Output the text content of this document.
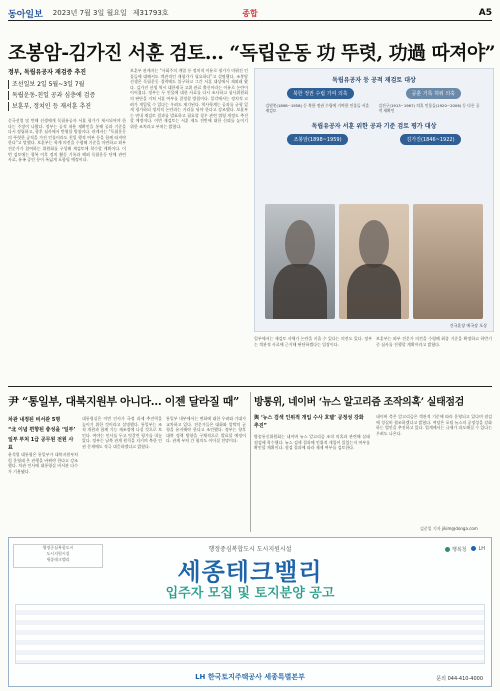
동아일보 2023년 7월 3일 월요일 제31793호	종합	A5
조봉암-김가진 서훈 검토… “독립운동 功 뚜렷, 功過 따져야”
정부, 독립유공자 재검증 추진
조선일보 2일 5월~3일 7월
독립운동-친일 공과 심층에 검증
보훈부, 정치인 등 재서훈 추진

순국선열 및 만해 선생에게 독립유공자 서훈 평가가 제시되어야 한다는 주장이 나왔다. 정부는 공적 내용 재확인을 통해 공과 기준을 다시 정립하고, 향후 심사에서 반영할 방침이다. 관계자는 “독립운동의 뚜렷한 공적을 가진 인물이라도 친일 행적 여부 등을 함께 따져야 한다”고 말했다. 보훈부는 학계 의견을 수렴해 기준을 마련하고 외부 전문가가 참여하는 위원회를 구성해 재검토에 착수할 계획이다. 이번 검토에는 광복 이후 정치 활동 기록과 해외 독립운동 단체 관련 사료, 유족 증언 등이 폭넓게 포함될 예정이다.

보훈부 관계자는 “사회주의 계열 등 정치적 이유로 평가가 미뤄진 인물들에 대해서도 객관적인 재평가가 필요하다”고 설명했다. 조봉암 선생은 독립운동 경력에도 불구하고 그간 서훈 대상에서 제외돼 왔다. 김가진 선생 역시 대한제국 고위 관료 출신이라는 이유로 논란이 이어졌다. 정부는 두 인물에 대한 사료를 다시 조사하고 심사위원회의 판단을 거쳐 서훈 여부를 결정할 방침이다. 일각에서는 정치적 고려가 개입될 수 있다는 우려도 제기된다. 역사학계는 공과를 균형 있게 평가하되 정치적 논란과는 거리를 둬야 한다고 강조했다. 보훈부는 연내 재검토 결과를 발표하고 필요할 경우 관련 법령 개정도 추진할 예정이다. 이번 재검토는 서훈 제도 전반에 대한 신뢰를 높이기 위한 조치라고 부처는 밝혔다.

독립유공자 등 공적 재검토 대상
북한 정권 수립 기여 의혹	공훈 기록 허위 의혹
김원봉(1898~1958) 등 북한 정권 수립에 기여한 인물들 서훈 재검토
김진구(1913~1967) 의혹 인물들(1920~2006) 등 다른 공적 재확인
독립유공자 서훈 위한 공과 기준 검토 평가 대상
조봉암(1898~1959)	김가진(1846~1922)
건국훈장 애국장 포상

일부에서는 재검토 자체가 논란을 키울 수 있다는 의견도 있다. 정부는 객관적 사료에 근거해 판단하겠다는 입장이다.

보훈부는 외부 전문가 의견을 수렴해 최종 기준을 확정하고 하반기 중 심사를 진행할 계획이라고 밝혔다.

尹 “통일부, 대북지원부 아니다… 이젠 달라질 때”
차관 내정된 비서관 5명
“北 이념 편향된 충성을 ‘일부’
일부 부처 1급 공무원 전원 사표

윤석열 대통령은 통일부가 대북지원부처럼 운영돼 온 관행을 바꿔야 한다고 강조했다. 차관 인사에 대통령실 비서관 다수가 기용됐다.

대통령실은 이번 인사가 국정 과제 추진력을 높이기 위한 것이라고 설명했다. 통일부는 조직 개편과 함께 기능 재조정에 나설 것으로 보인다. 여야는 인사를 두고 엇갈린 평가를 내놓았다. 정부는 남북 관계 원칙을 지키며 북한 인권 문제에도 적극 대응하겠다고 밝혔다.

통일부 내부에서는 변화에 대한 우려와 기대가 교차하고 있다. 전문가들은 대화와 압박의 균형을 유지해야 한다고 조언했다. 정부는 향후 대북 정책 방향을 구체적으로 발표할 예정이다. 관계 부처 간 협의도 이어질 전망이다.

방통위, 네이버 ‘뉴스 알고리즘 조작의혹’ 실태점검
與 ‘뉴스 검색 인위적 개입 수사 호텔’ 공정성 강화 추진”

방송통신위원회는 네이버 뉴스 알고리즘 조작 의혹과 관련해 실태점검에 착수했다. 뉴스 검색 결과에 인위적 개입이 있었는지 여부를 확인할 계획이다. 점검 결과에 따라 제재 여부를 검토한다.

네이버 측은 알고리즘은 객관적 기준에 따라 운영되고 있다며 점검에 성실히 협조하겠다고 밝혔다. 여당은 포털 뉴스의 공정성을 강화하는 법안을 추진하고 있다. 업계에서는 규제가 과도해질 수 있다는 우려도 나온다.

김준일 기자 jikim@donga.com
행정중심복합도시
도시지원시설
세종테크밸리
행정중심복합도시 도시지원시설
세종테크밸리
입주자 모집 및 토지분양 공고
행복청	LH
LH 한국토지주택공사 세종특별본부	문의 044-410-4000
